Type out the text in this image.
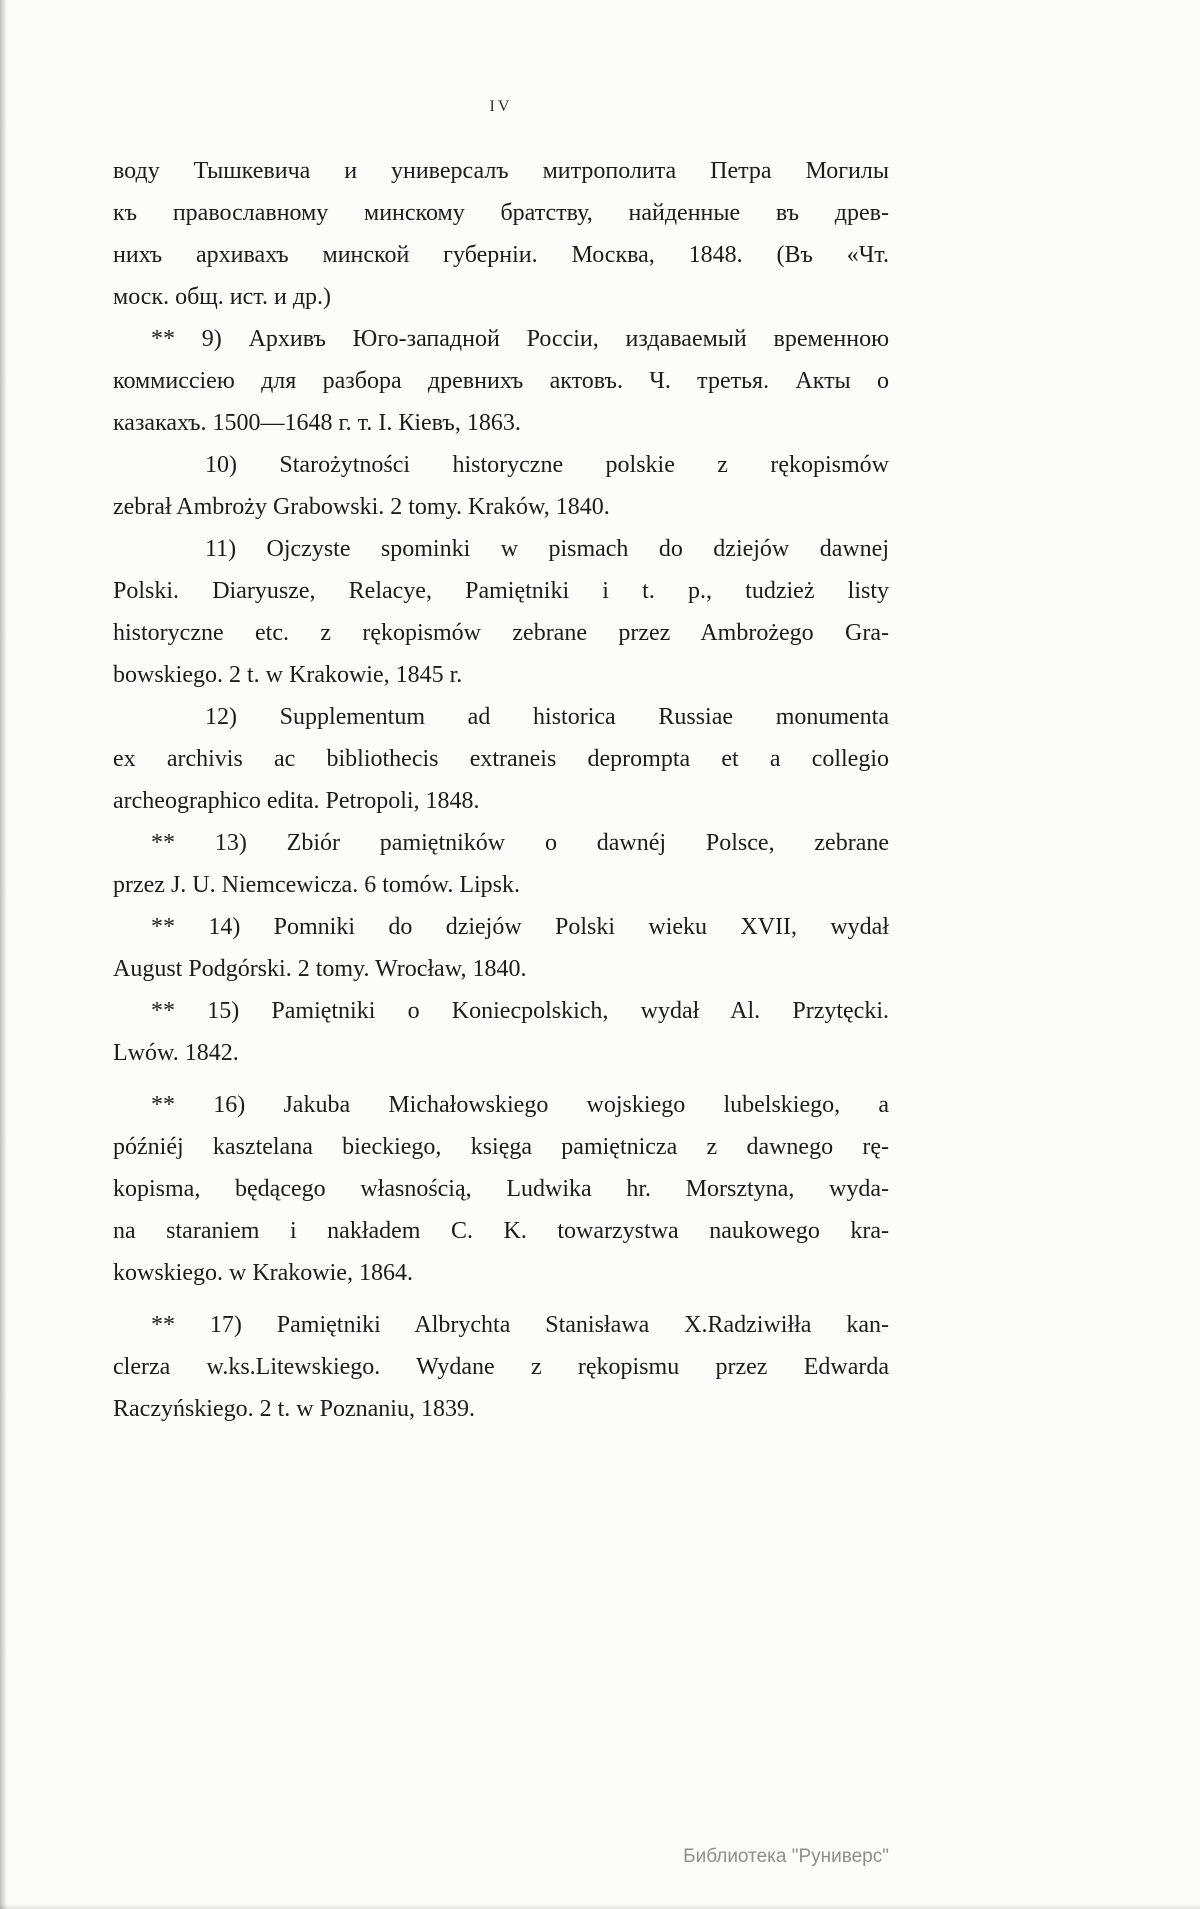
IV
воду Тышкевича и универсалъ митрополита Петра Могилы
къ православному минскому братству, найденные въ древ-
нихъ архивахъ минской губерніи. Москва, 1848. (Въ «Чт.
моск. общ. ист. и др.)
** 9) Архивъ Юго-западной Россіи, издаваемый временною
коммиссіею для разбора древнихъ актовъ. Ч. третья. Акты о
казакахъ. 1500—1648 г. т. I. Кіевъ, 1863.
10) Starożytności historyczne polskie z rękopismów
zebrał Ambroży Grabowski. 2 tomy. Kraków, 1840.
11) Ojczyste spominki w pismach do dziejów dawnej
Polski. Diaryusze, Relacye, Pamiętniki i t. p., tudzież listy
historyczne etc. z rękopismów zebrane przez Ambrożego Gra-
bowskiego. 2 t. w Krakowie, 1845 r.
12) Supplementum ad historica Russiae monumenta
ex archivis ac bibliothecis extraneis deprompta et a collegio
archeographico edita. Petropoli, 1848.
** 13) Zbiór pamiętników o dawnéj Polsce, zebrane
przez J. U. Niemcewicza. 6 tomów. Lipsk.
** 14) Pomniki do dziejów Polski wieku XVII, wydał
August Podgórski. 2 tomy. Wrocław, 1840.
** 15) Pamiętniki o Koniecpolskich, wydał Al. Przytęcki.
Lwów. 1842.
** 16) Jakuba Michałowskiego wojskiego lubelskiego, a
późniéj kasztelana bieckiego, księga pamiętnicza z dawnego rę-
kopisma, będącego własnością, Ludwika hr. Morsztyna, wyda-
na staraniem i nakładem C. K. towarzystwa naukowego kra-
kowskiego. w Krakowie, 1864.
** 17) Pamiętniki Albrychta Stanisława X.Radziwiłła kan-
clerza w.ks.Litewskiego. Wydane z rękopismu przez Edwarda
Raczyńskiego. 2 t. w Poznaniu, 1839.
Библиотека "Руниверс"
